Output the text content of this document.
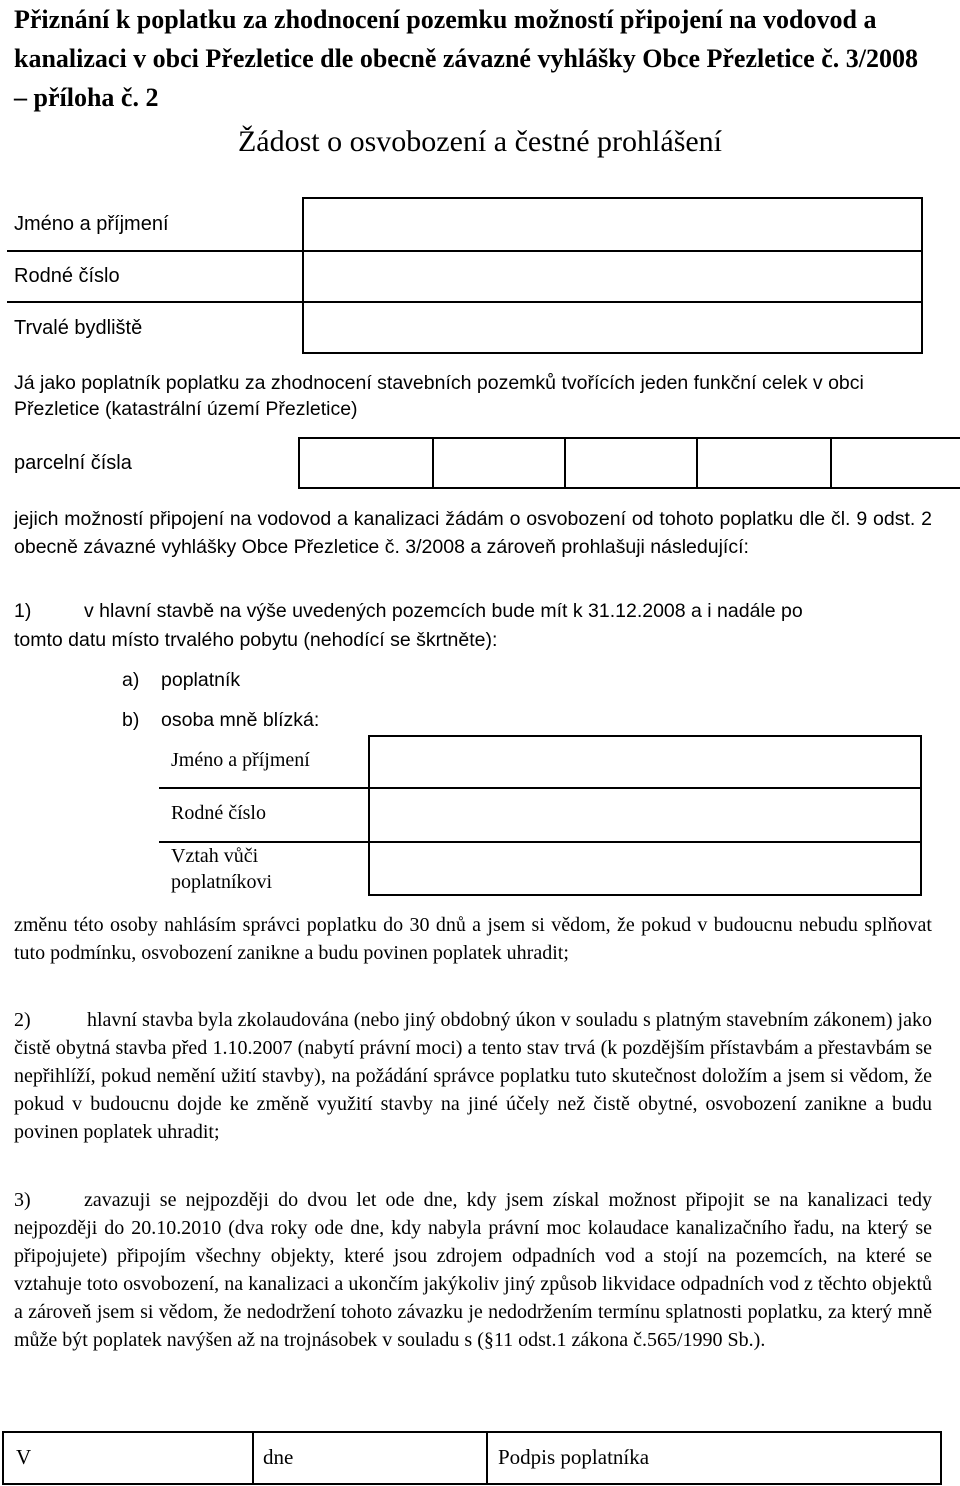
Přiznání k poplatku za zhodnocení pozemku možností připojení na vodovod a kanalizaci v obci Přezletice dle obecně závazné vyhlášky Obce Přezletice č. 3/2008 – příloha č. 2
Žádost o osvobození a čestné prohlášení
Jméno a příjmení
Rodné číslo
Trvalé bydliště
Já jako poplatník poplatku za zhodnocení stavebních pozemků tvořících jeden funkční celek v obci Přezletice (katastrální území Přezletice)
parcelní čísla
jejich možností připojení na vodovod a kanalizaci žádám o osvobození od tohoto poplatku dle čl. 9 odst. 2 obecně závazné vyhlášky Obce Přezletice č. 3/2008 a zároveň prohlašuji následující:
1)	v hlavní stavbě na výše uvedených pozemcích bude mít k 31.12.2008 a i nadále po
tomto datu místo trvalého pobytu (nehodící se škrtněte):
a) poplatník
b) osoba mně blízká:
Jméno a příjmení
Rodné číslo
Vztah vůči
poplatníkovi
změnu této osoby nahlásím správci poplatku do 30 dnů a jsem si vědom, že pokud v budoucnu nebudu splňovat tuto podmínku, osvobození zanikne a budu povinen poplatek uhradit;
2)	hlavní stavba byla zkolaudována (nebo jiný obdobný úkon v souladu s platným stavebním zákonem) jako čistě obytná stavba před 1.10.2007 (nabytí právní moci) a tento stav trvá (k pozdějším přístavbám a přestavbám se nepřihlíží, pokud nemění užití stavby), na požádání správce poplatku tuto skutečnost doložím a jsem si vědom, že pokud v budoucnu dojde ke změně využití stavby na jiné účely než čistě obytné, osvobození zanikne a budu povinen poplatek uhradit;
3)	zavazuji se nejpozději do dvou let ode dne, kdy jsem získal možnost připojit se na kanalizaci tedy nejpozději do 20.10.2010 (dva roky ode dne, kdy nabyla právní moc kolaudace kanalizačního řadu, na který se připojujete) připojím všechny objekty, které jsou zdrojem odpadních vod a stojí na pozemcích, na které se vztahuje toto osvobození, na kanalizaci a ukončím jakýkoliv jiný způsob likvidace odpadních vod z těchto objektů a zároveň jsem si vědom, že nedodržení tohoto závazku je nedodržením termínu splatnosti poplatku, za který mně může být poplatek navýšen až na trojnásobek v souladu s (§11 odst.1 zákona č.565/1990 Sb.).
V	dne	Podpis poplatníka
